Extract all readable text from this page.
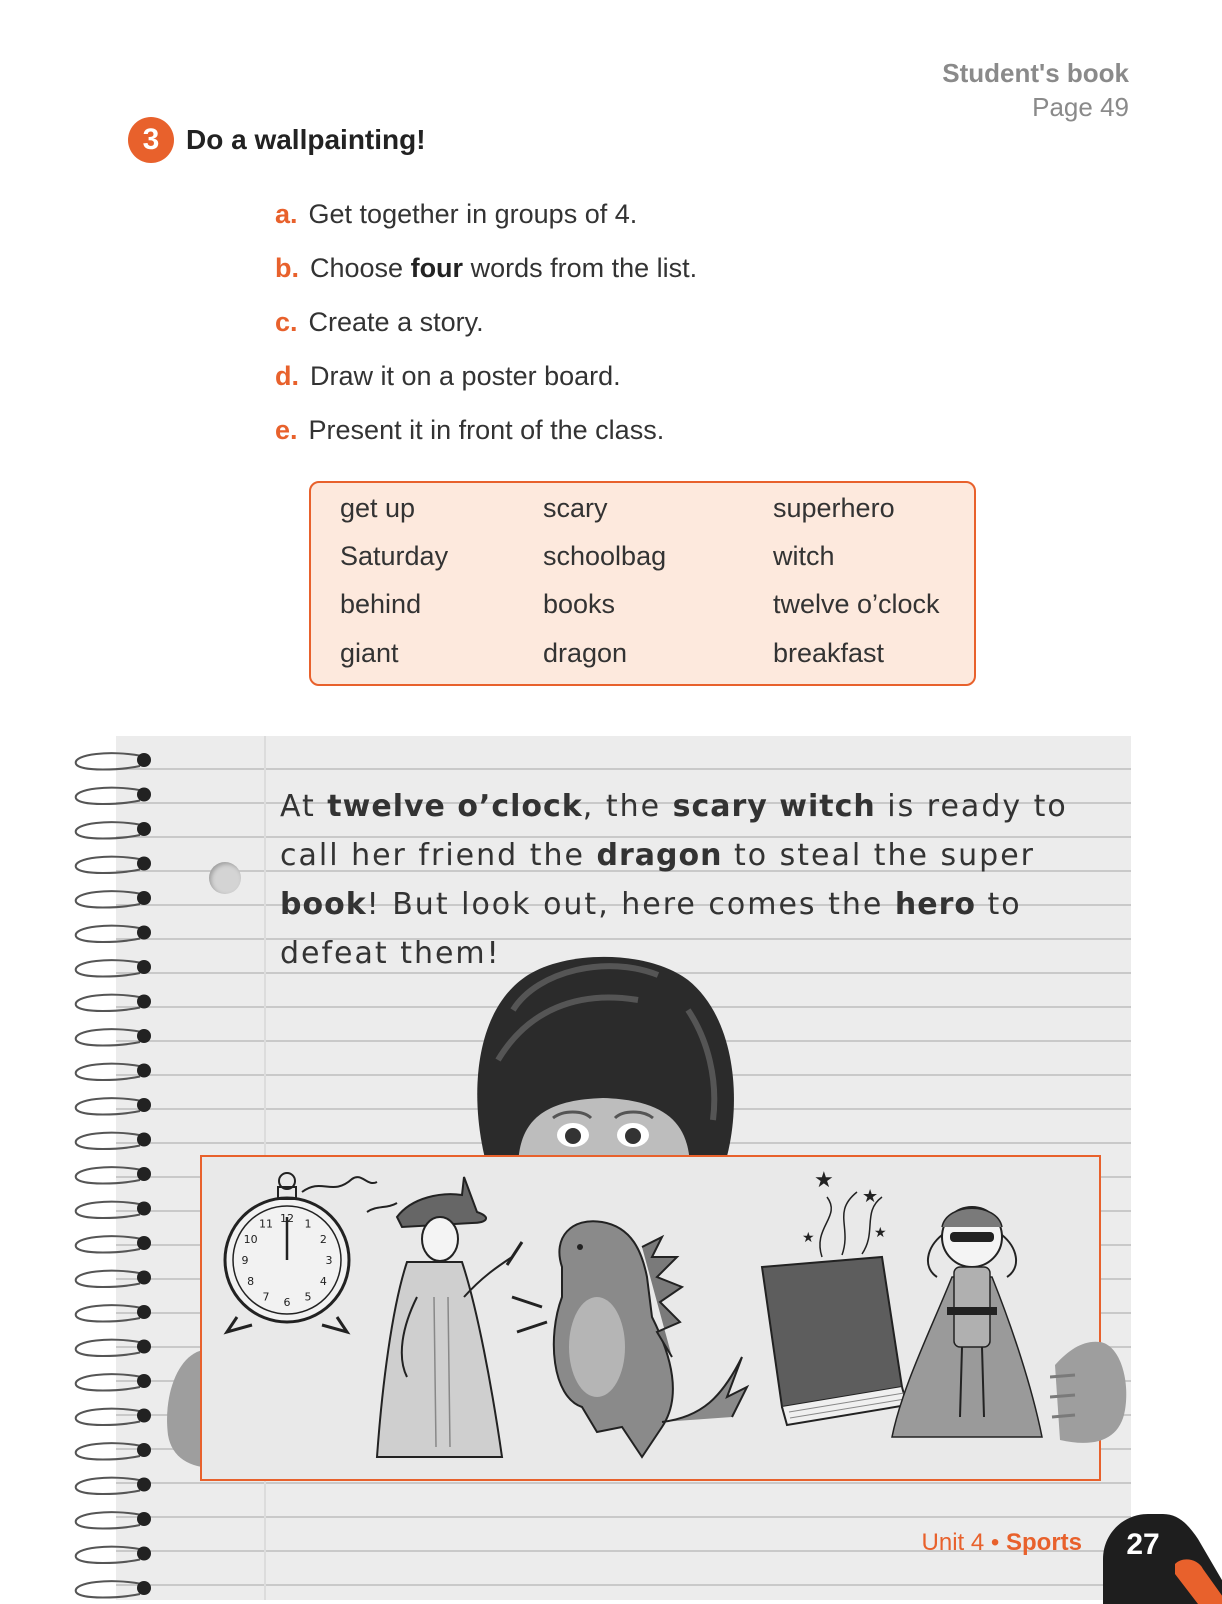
Student's book
Page 49
3 Do a wallpainting!
a. Get together in groups of 4.
b. Choose four words from the list.
c. Create a story.
d. Draw it on a poster board.
e. Present it in front of the class.
get up
Saturday
behind
giant
scary
schoolbag
books
dragon
superhero
witch
twelve o’clock
breakfast
At twelve o’clock, the scary witch is ready to call her friend the dragon to steal the super book! But look out, here comes the hero to defeat them!
12 1
2
3
4
5
6
7
8
9
10
11
★
★
★	★
Unit 4 • Sports 27
